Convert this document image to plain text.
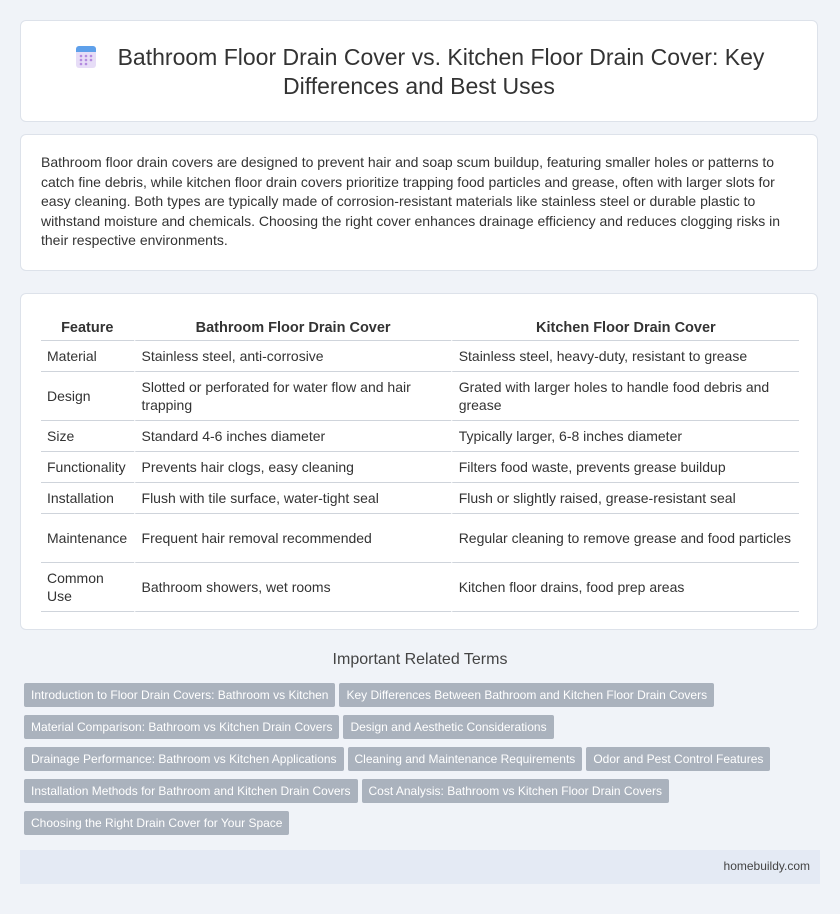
Bathroom Floor Drain Cover vs. Kitchen Floor Drain Cover: Key
Differences and Best Uses

Bathroom floor drain covers are designed to prevent hair and soap scum buildup, featuring smaller holes or patterns to catch fine debris, while kitchen floor drain covers prioritize trapping food particles and grease, often with larger slots for easy cleaning. Both types are typically made of corrosion-resistant materials like stainless steel or durable plastic to withstand moisture and chemicals. Choosing the right cover enhances drainage efficiency and reduces clogging risks in their respective environments.

Feature	Bathroom Floor Drain Cover	Kitchen Floor Drain Cover
Material	Stainless steel, anti-corrosive	Stainless steel, heavy-duty, resistant to grease
Design	Slotted or perforated for water flow and hair trapping	Grated with larger holes to handle food debris and grease
Size	Standard 4-6 inches diameter	Typically larger, 6-8 inches diameter
Functionality	Prevents hair clogs, easy cleaning	Filters food waste, prevents grease buildup
Installation	Flush with tile surface, water-tight seal	Flush or slightly raised, grease-resistant seal
Maintenance	Frequent hair removal recommended	Regular cleaning to remove grease and food particles
Common Use	Bathroom showers, wet rooms	Kitchen floor drains, food prep areas
Important Related Terms
Introduction to Floor Drain Covers: Bathroom vs Kitchen Key Differences Between Bathroom and Kitchen Floor Drain Covers
Material Comparison: Bathroom vs Kitchen Drain Covers Design and Aesthetic Considerations
Drainage Performance: Bathroom vs Kitchen Applications Cleaning and Maintenance Requirements Odor and Pest Control Features
Installation Methods for Bathroom and Kitchen Drain Covers Cost Analysis: Bathroom vs Kitchen Floor Drain Covers
Choosing the Right Drain Cover for Your Space
homebuildy.com
